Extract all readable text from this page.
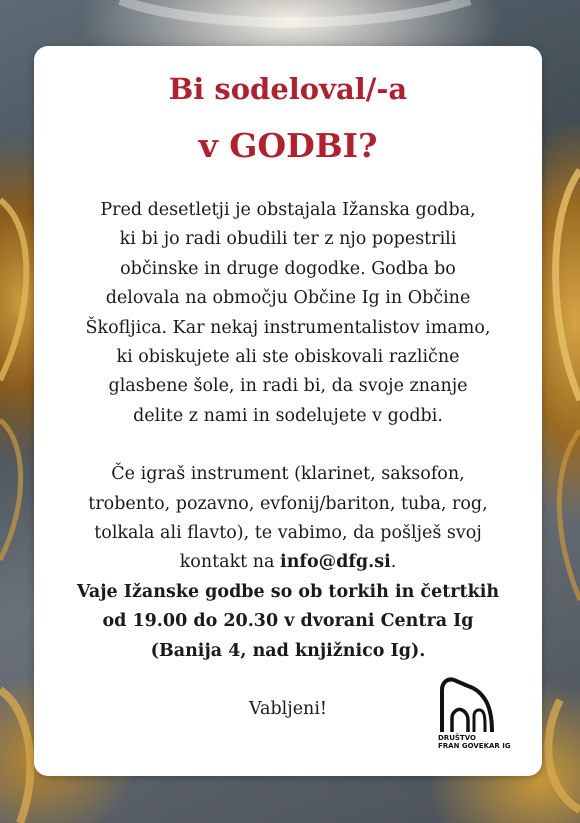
Bi sodeloval/-a
v GODBI?

Pred desetletji je obstajala Ižanska godba,

ki bi jo radi obudili ter z njo popestrili

občinske in druge dogodke. Godba bo

delovala na območju Občine Ig in Občine

Škofljica. Kar nekaj instrumentalistov imamo,

ki obiskujete ali ste obiskovali različne

glasbene šole, in radi bi, da svoje znanje

delite z nami in sodelujete v godbi.

Če igraš instrument (klarinet, saksofon,

trobento, pozavno, evfonij/bariton, tuba, rog,

tolkala ali flavto), te vabimo, da pošlješ svoj

kontakt na info@dfg.si.

Vaje Ižanske godbe so ob torkih in četrtkih

od 19.00 do 20.30 v dvorani Centra Ig

(Banija 4, nad knjižnico Ig).

Vabljeni!

DRUŠTVO
FRAN GOVEKAR IG
